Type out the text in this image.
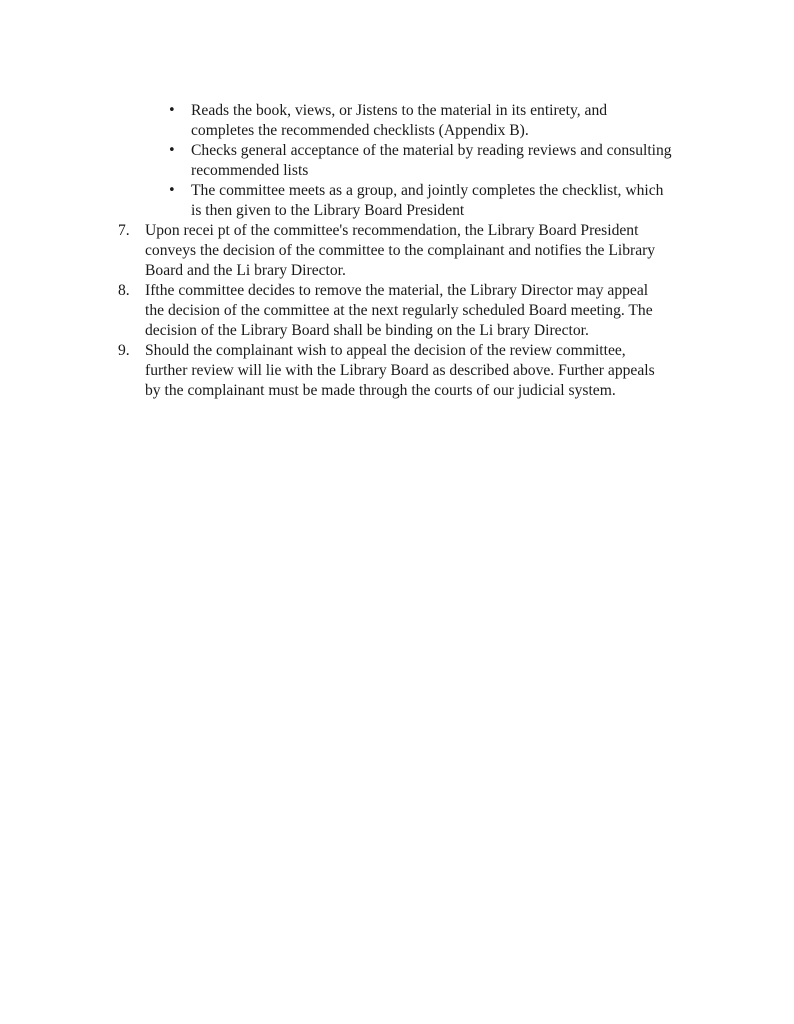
• Reads the book, views, or Jistens to the material in its entirety, and
completes the recommended checklists (Appendix B).
• Checks general acceptance of the material by reading reviews and consulting
recommended lists
• The committee meets as a group, and jointly completes the checklist, which
is then given to the Library Board President
7. Upon recei pt of the committee's recommendation, the Library Board President
conveys the decision of the committee to the complainant and notifies the Library
Board and the Li brary Director.
8. Ifthe committee decides to remove the material, the Library Director may appeal
the decision of the committee at the next regularly scheduled Board meeting. The
decision of the Library Board shall be binding on the Li brary Director.
9. Should the complainant wish to appeal the decision of the review committee,
further review will lie with the Library Board as described above. Further appeals
by the complainant must be made through the courts of our judicial system.
